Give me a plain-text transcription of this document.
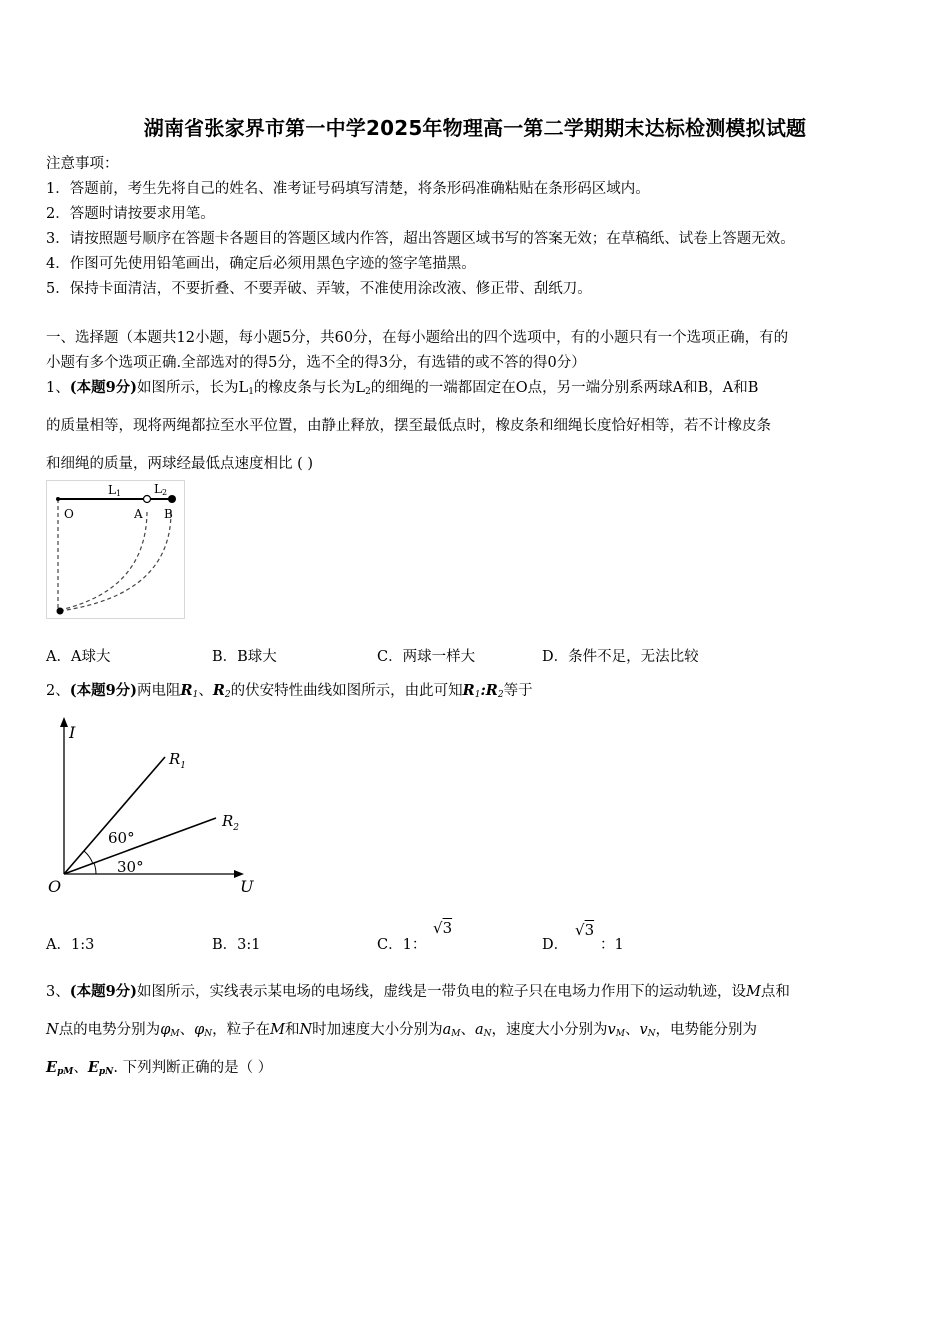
湖南省张家界市第一中学2025年物理高一第二学期期末达标检测模拟试题
注意事项：
1．答题前，考生先将自己的姓名、准考证号码填写清楚，将条形码准确粘贴在条形码区域内。
2．答题时请按要求用笔。
3．请按照题号顺序在答题卡各题目的答题区域内作答，超出答题区域书写的答案无效；在草稿纸、试卷上答题无效。
4．作图可先使用铅笔画出，确定后必须用黑色字迹的签字笔描黑。
5．保持卡面清洁，不要折叠、不要弄破、弄皱，不准使用涂改液、修正带、刮纸刀。
一、选择题（本题共12小题，每小题5分，共60分，在每小题给出的四个选项中，有的小题只有一个选项正确，有的
小题有多个选项正确.全部选对的得5分，选不全的得3分，有选错的或不答的得0分）
1、(本题9分)如图所示，长为$L_1$的橡皮条与长为$L_2$的细绳的一端都固定在O点，另一端分别系两球A和B，A和B
的质量相等，现将两绳都拉至水平位置，由静止释放，摆至最低点时，橡皮条和细绳长度恰好相等，若不计橡皮条
和细绳的质量，两球经最低点速度相比 ( )
L1	L2
O	A B
A．A球大	B．B球大	C．两球一样大	D．条件不足，无法比较
2、(本题9分)两电阻$R_1$、$R_2$的伏安特性曲线如图所示，由此可知$R_1:R_2$等于
I
U
O
$R_1$
$R_2$
60°
30°
A．1:3	B．3:1	C．1：
√3
D．
√3
：1
3、(本题9分)如图所示，实线表示某电场的电场线，虚线是一带负电的粒子只在电场力作用下的运动轨迹，设M点和
N点的电势分别为$\varphi_M$、$\varphi_N$，粒子在M和N时加速度大小分别为$a_M$、$a_N$，速度大小分别为$v_M$、$v_N$，电势能分别为
$E_{pM}$、$E_{pN}$. 下列判断正确的是（ ）
